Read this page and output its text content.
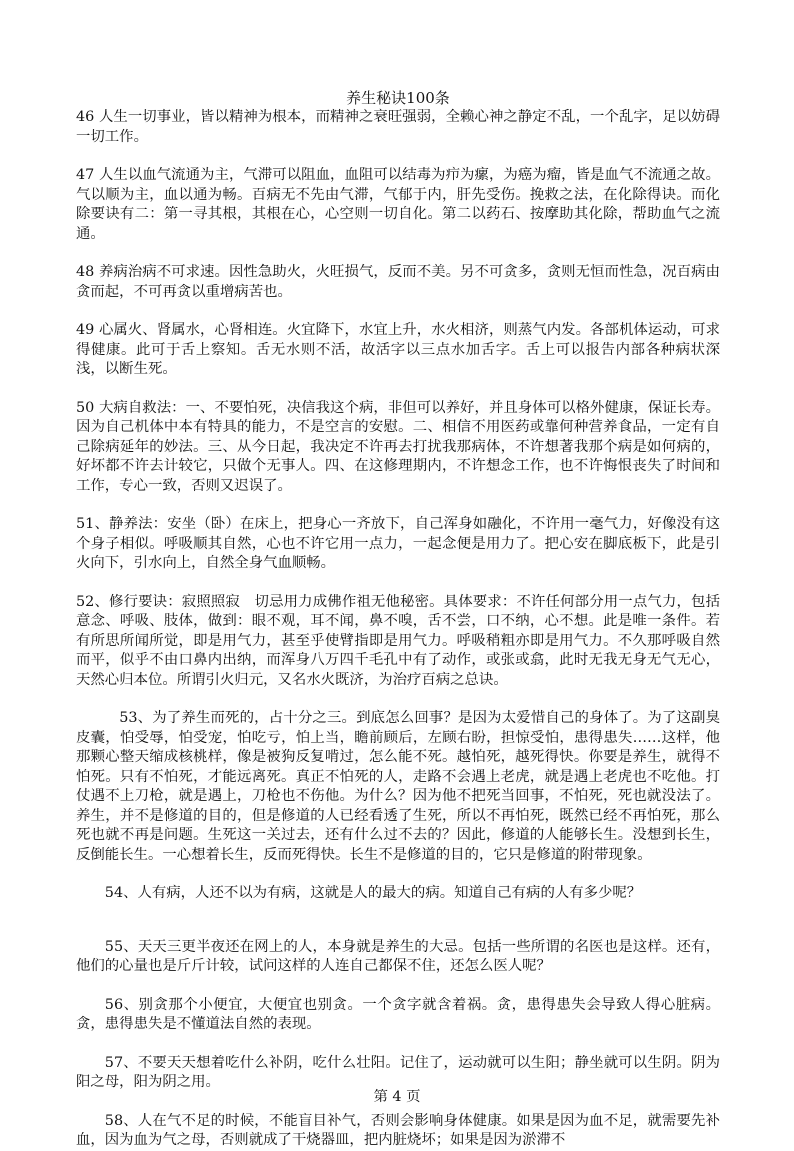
养生秘诀100条

46 人生一切事业，皆以精神为根本，而精神之衰旺强弱，全赖心神之静定不乱，一个乱字，足以妨碍一切工作。

47 人生以血气流通为主，气滞可以阻血，血阻可以结毒为疖为瘰，为癌为瘤，皆是血气不流通之故。气以顺为主，血以通为畅。百病无不先由气滞，气郁于内，肝先受伤。挽救之法，在化除得诀。而化除要诀有二：第一寻其根，其根在心，心空则一切自化。第二以药石、按摩助其化除，帮助血气之流通。

48 养病治病不可求速。因性急助火，火旺损气，反而不美。另不可贪多，贪则无恒而性急，况百病由贪而起，不可再贪以重增病苦也。

49 心属火、肾属水，心肾相连。火宜降下，水宜上升，水火相济，则蒸气内发。各部机体运动，可求得健康。此可于舌上察知。舌无水则不活，故活字以三点水加舌字。舌上可以报告内部各种病状深浅，以断生死。

50 大病自救法：一、不要怕死，决信我这个病，非但可以养好，并且身体可以格外健康，保证长寿。因为自己机体中本有特具的能力，不是空言的安慰。二、相信不用医药或靠何种营养食品，一定有自己除病延年的妙法。三、从今日起，我决定不许再去打扰我那病体，不许想著我那个病是如何病的，好坏都不许去计较它，只做个无事人。四、在这修理期内，不许想念工作，也不许悔恨丧失了时间和工作，专心一致，否则又迟误了。

51、静养法：安坐（卧）在床上，把身心一齐放下，自己浑身如融化，不许用一毫气力，好像没有这个身子相似。呼吸顺其自然，心也不许它用一点力，一起念便是用力了。把心安在脚底板下，此是引火向下，引水向上，自然全身气血顺畅。

52、修行要诀：寂照照寂　切忌用力成佛作祖无他秘密。具体要求：不许任何部分用一点气力，包括意念、呼吸、肢体，做到：眼不观，耳不闻，鼻不嗅，舌不尝，口不纳，心不想。此是唯一条件。若有所思所闻所觉，即是用气力，甚至乎使臂指即是用气力。呼吸稍粗亦即是用气力。不久那呼吸自然而平，似乎不由口鼻内出纳，而浑身八万四千毛孔中有了动作，或张或翕，此时无我无身无气无心，天然心归本位。所谓引火归元，又名水火既济，为治疗百病之总诀。

53、为了养生而死的，占十分之三。到底怎么回事？是因为太爱惜自己的身体了。为了这副臭皮囊，怕受辱，怕受宠，怕吃亏，怕上当，瞻前顾后，左顾右盼，担惊受怕，患得患失……这样，他那颗心整天缩成核桃样，像是被狗反复啃过，怎么能不死。越怕死，越死得快。你要是养生，就得不怕死。只有不怕死，才能远离死。真正不怕死的人，走路不会遇上老虎，就是遇上老虎也不吃他。打仗遇不上刀枪，就是遇上，刀枪也不伤他。为什么？因为他不把死当回事，不怕死，死也就没法了。养生，并不是修道的目的，但是修道的人已经看透了生死，所以不再怕死，既然已经不再怕死，那么死也就不再是问题。生死这一关过去，还有什么过不去的？因此，修道的人能够长生。没想到长生，反倒能长生。一心想着长生，反而死得快。长生不是修道的目的，它只是修道的附带现象。

54、人有病，人还不以为有病，这就是人的最大的病。知道自己有病的人有多少呢？

55、天天三更半夜还在网上的人，本身就是养生的大忌。包括一些所谓的名医也是这样。还有，他们的心量也是斤斤计较，试问这样的人连自己都保不住，还怎么医人呢？

56、别贪那个小便宜，大便宜也别贪。一个贪字就含着祸。贪，患得患失会导致人得心脏病。贪，患得患失是不懂道法自然的表现。

57、不要天天想着吃什么补阴，吃什么壮阳。记住了，运动就可以生阳；静坐就可以生阴。阴为阳之母，阳为阴之用。

58、人在气不足的时候，不能盲目补气，否则会影响身体健康。如果是因为血不足，就需要先补血，因为血为气之母，否则就成了干烧器皿，把内脏烧坏；如果是因为淤滞不

第 4 页
